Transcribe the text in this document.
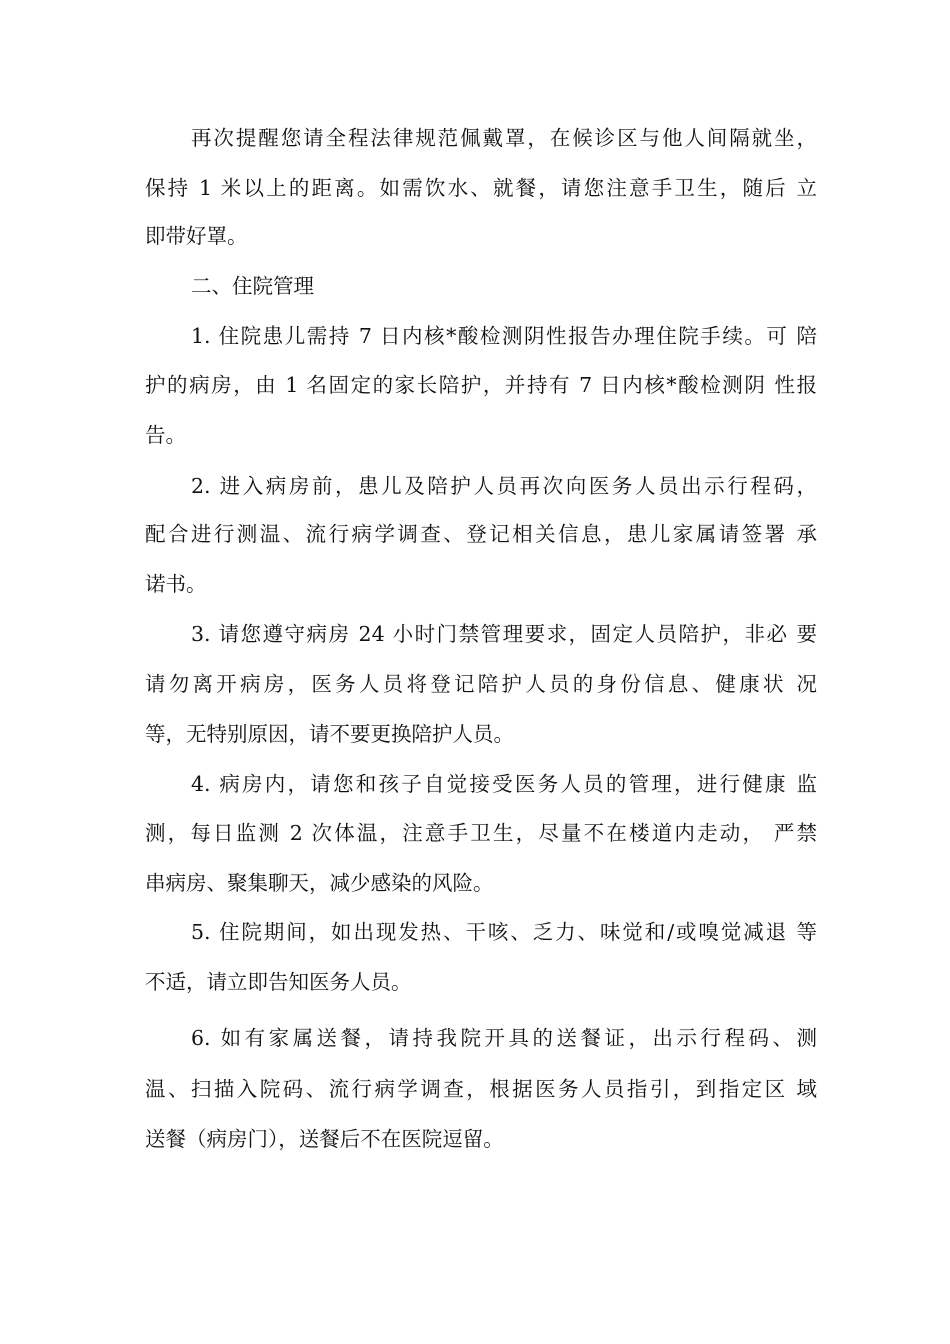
再次提醒您请全程法律规范佩戴罩，在候诊区与他人间隔就坐，
保持 1 米以上的距离。如需饮水、就餐，请您注意手卫生，随后 立
即带好罩。
二、住院管理
1. 住院患儿需持 7 日内核*酸检测阴性报告办理住院手续。可 陪
护的病房，由 1 名固定的家长陪护，并持有 7 日内核*酸检测阴 性报
告。
2. 进入病房前，患儿及陪护人员再次向医务人员出示行程码，
配合进行测温、流行病学调查、登记相关信息，患儿家属请签署 承
诺书。
3. 请您遵守病房 24 小时门禁管理要求，固定人员陪护，非必 要
请勿离开病房，医务人员将登记陪护人员的身份信息、健康状 况
等，无特别原因，请不要更换陪护人员。
4. 病房内，请您和孩子自觉接受医务人员的管理，进行健康 监
测，每日监测 2 次体温，注意手卫生，尽量不在楼道内走动， 严禁
串病房、聚集聊天，减少感染的风险。
5. 住院期间，如出现发热、干咳、乏力、味觉和/或嗅觉减退 等
不适，请立即告知医务人员。
6. 如有家属送餐，请持我院开具的送餐证，出示行程码、测
温、扫描入院码、流行病学调查，根据医务人员指引，到指定区 域
送餐（病房门），送餐后不在医院逗留。
